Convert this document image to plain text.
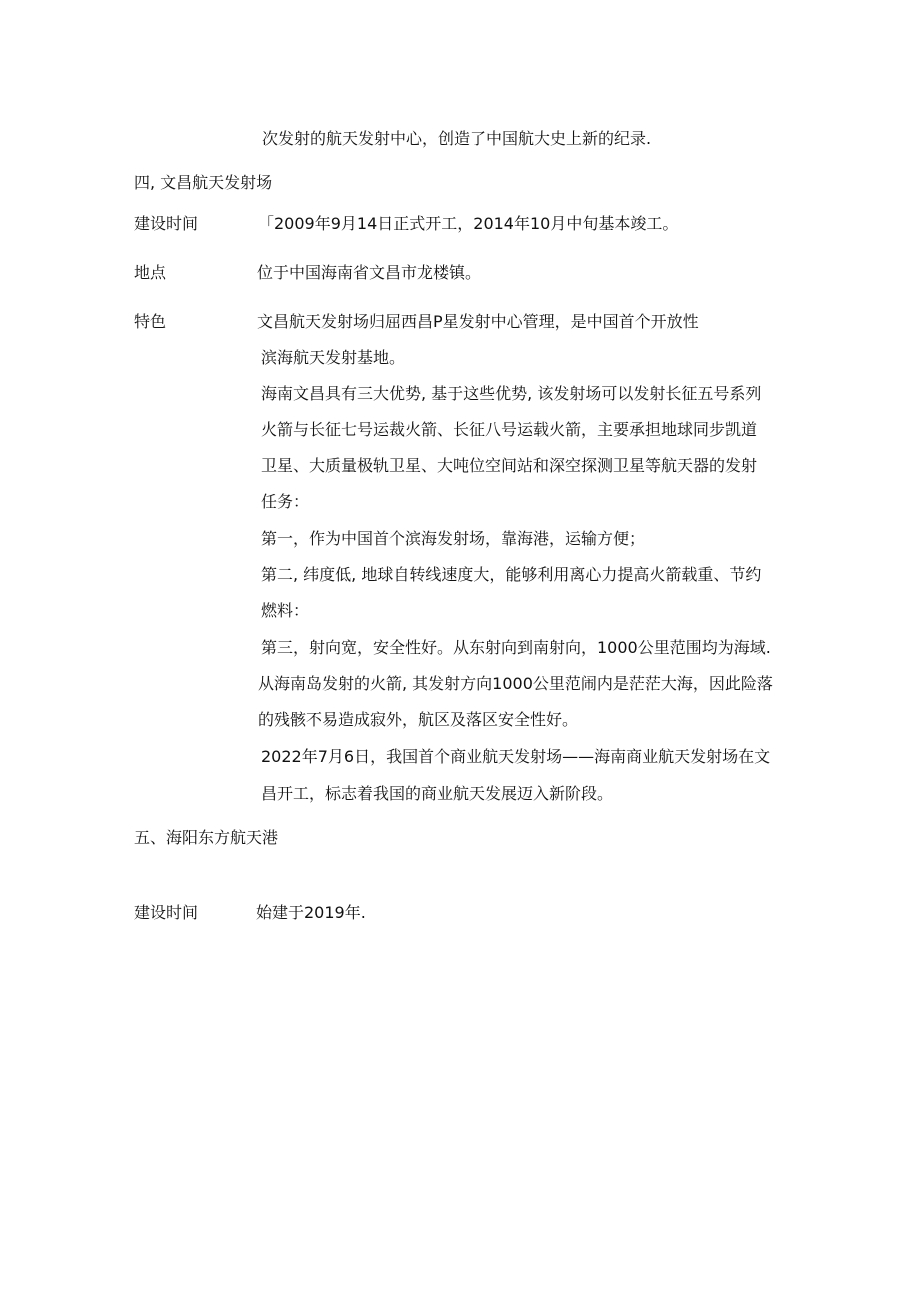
次发射的航天发射中心，创造了中国航大史上新的纪录.
四, 文昌航天发射场
建设时间	「2009年9月14日正式开工，2014年10月中旬基本竣工。
地点	位于中国海南省文昌市龙楼镇。
特色	文昌航天发射场归屈西昌P星发射中心管理，是中国首个开放性
滨海航天发射基地。
海南文昌具有三大优势, 基于这些优势, 该发射场可以发射长征五号系列
火箭与长征七号运裁火箭、长征八号运载火箭，主要承担地球同步凯道
卫星、大质量极轨卫星、大吨位空间站和深空探测卫星等航天器的发射
任务：
第一，作为中国首个滨海发射场，靠海港，运输方便；
第二, 纬度低, 地球自转线速度大，能够利用离心力提高火箭载重、节约
燃料：
第三，射向宽，安全性好。从东射向到南射向，1000公里范围均为海域.
从海南岛发射的火箭, 其发射方向1000公里范闹内是茫茫大海，因此险落
的残骸不易造成寂外，航区及落区安全性好。
2022年7月6日，我国首个商业航天发射场——海南商业航天发射场在文
昌开工，标志着我国的商业航天发展迈入新阶段。
五、海阳东方航天港
建设时间	始建于2019年.
